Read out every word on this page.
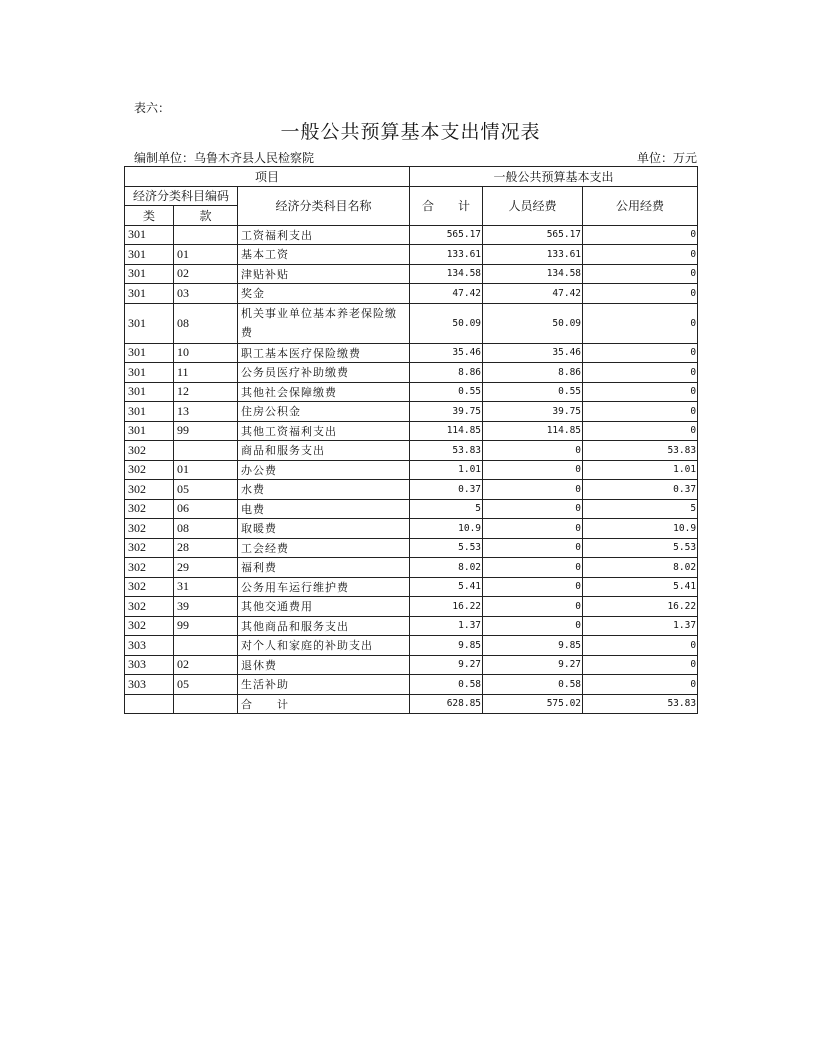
表六：
一般公共预算基本支出情况表
编制单位：乌鲁木齐县人民检察院	单位：万元
项目			一般公共预算基本支出		
经济分类科目编码		经济分类科目名称	合　　计	人员经费	公用经费
类	款				
301		工资福利支出	565.17	565.17	0
301	01	基本工资	133.61	133.61	0
301	02	津贴补贴	134.58	134.58	0
301	03	奖金	47.42	47.42	0
301	08	机关事业单位基本养老保险缴费	50.09	50.09	0
301	10	职工基本医疗保险缴费	35.46	35.46	0
301	11	公务员医疗补助缴费	8.86	8.86	0
301	12	其他社会保障缴费	0.55	0.55	0
301	13	住房公积金	39.75	39.75	0
301	99	其他工资福利支出	114.85	114.85	0
302		商品和服务支出	53.83	0	53.83
302	01	办公费	1.01	0	1.01
302	05	水费	0.37	0	0.37
302	06	电费	5	0	5
302	08	取暖费	10.9	0	10.9
302	28	工会经费	5.53	0	5.53
302	29	福利费	8.02	0	8.02
302	31	公务用车运行维护费	5.41	0	5.41
302	39	其他交通费用	16.22	0	16.22
302	99	其他商品和服务支出	1.37	0	1.37
303		对个人和家庭的补助支出	9.85	9.85	0
303	02	退休费	9.27	9.27	0
303	05	生活补助	0.58	0.58	0
		合　　计	628.85	575.02	53.83
